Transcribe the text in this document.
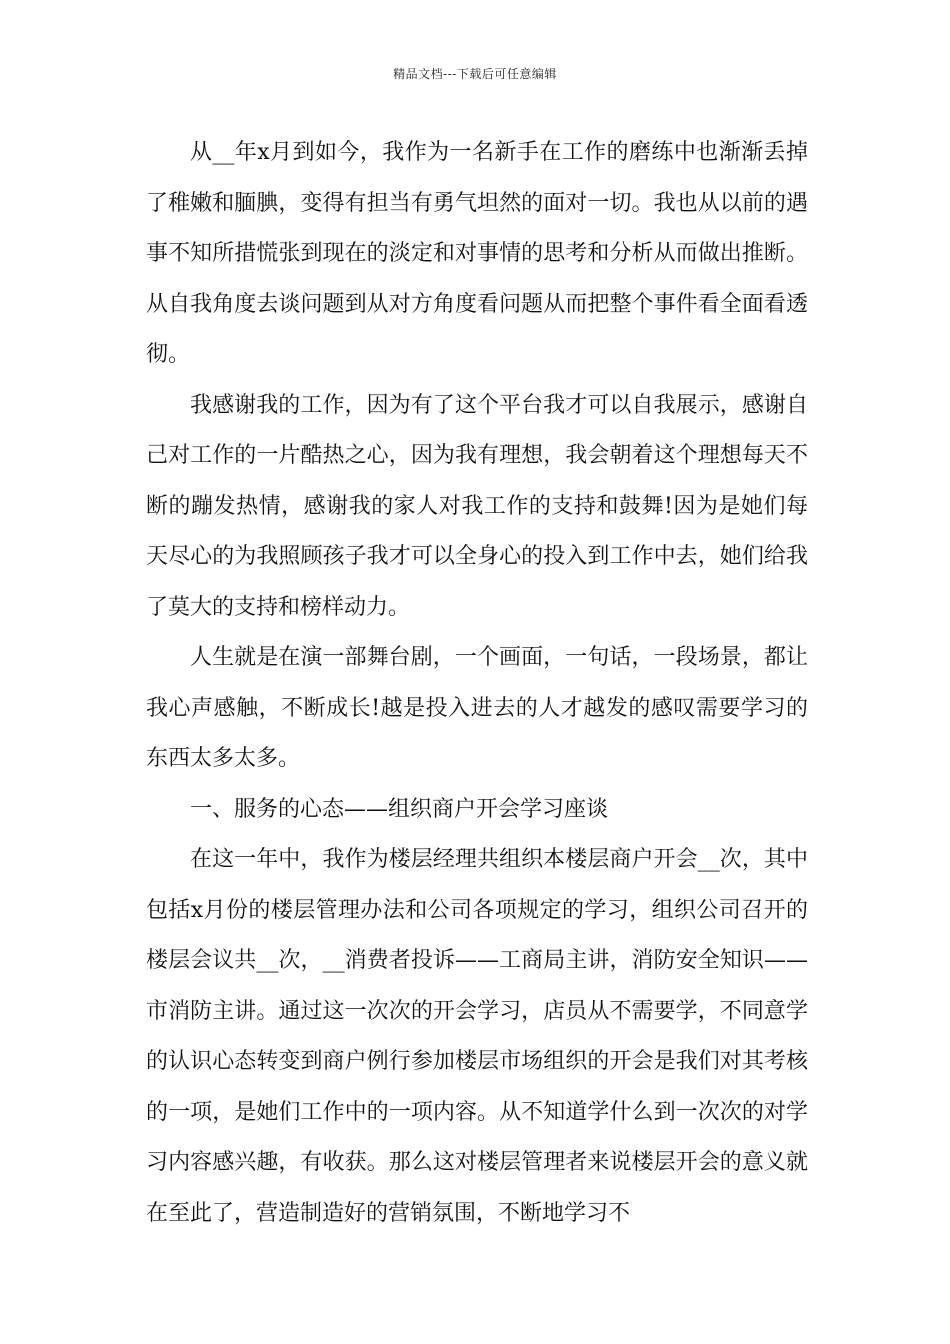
精品文档---下载后可任意编辑

从__年x月到如今，我作为一名新手在工作的磨练中也渐渐丢掉了稚嫩和腼腆，变得有担当有勇气坦然的面对一切。我也从以前的遇事不知所措慌张到现在的淡定和对事情的思考和分析从而做出推断。从自我角度去谈问题到从对方角度看问题从而把整个事件看全面看透彻。

我感谢我的工作，因为有了这个平台我才可以自我展示，感谢自己对工作的一片酷热之心，因为我有理想，我会朝着这个理想每天不断的蹦发热情，感谢我的家人对我工作的支持和鼓舞!因为是她们每天尽心的为我照顾孩子我才可以全身心的投入到工作中去，她们给我了莫大的支持和榜样动力。

人生就是在演一部舞台剧，一个画面，一句话，一段场景，都让我心声感触，不断成长!越是投入进去的人才越发的感叹需要学习的东西太多太多。

一、服务的心态——组织商户开会学习座谈

在这一年中，我作为楼层经理共组织本楼层商户开会__次，其中包括x月份的楼层管理办法和公司各项规定的学习，组织公司召开的楼层会议共__次，__消费者投诉——工商局主讲，消防安全知识——市消防主讲。通过这一次次的开会学习，店员从不需要学，不同意学的认识心态转变到商户例行参加楼层市场组织的开会是我们对其考核的一项，是她们工作中的一项内容。从不知道学什么到一次次的对学习内容感兴趣，有收获。那么这对楼层管理者来说楼层开会的意义就在至此了，营造制造好的营销氛围，不断地学习不
